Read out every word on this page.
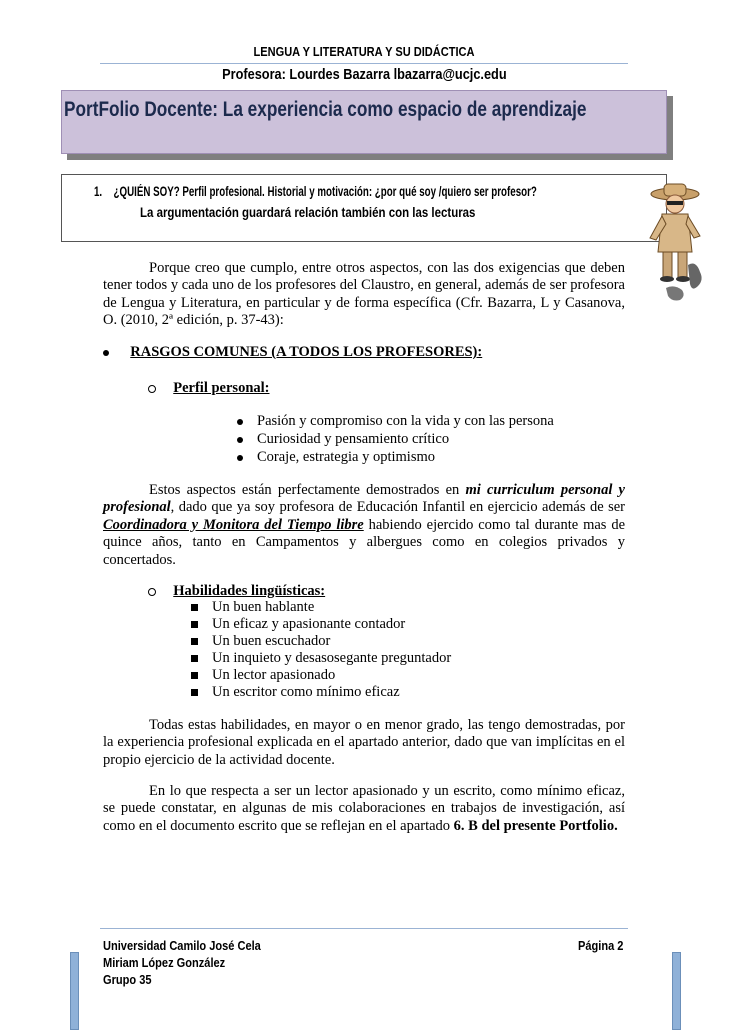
LENGUA Y LITERATURA Y SU DIDÁCTICA
Profesora: Lourdes Bazarra lbazarra@ucjc.edu
PortFolio Docente: La experiencia como espacio de aprendizaje
1. ¿QUIÉN SOY? Perfil profesional. Historial y motivación: ¿por qué soy /quiero ser profesor?
La argumentación guardará relación también con las lecturas
Porque creo que cumplo, entre otros aspectos, con las dos exigencias que deben tener todos y cada uno de los profesores del Claustro, en general, además de ser profesora de Lengua y Literatura, en particular y de forma específica (Cfr. Bazarra, L y Casanova, O. (2010, 2ª edición, p. 37-43):
RASGOS COMUNES (A TODOS LOS PROFESORES):
Perfil personal:
Pasión y compromiso con la vida y con las persona
Curiosidad y pensamiento crítico
Coraje, estrategia y optimismo
Estos aspectos están perfectamente demostrados en mi curriculum personal y profesional, dado que ya soy profesora de Educación Infantil en ejercicio además de ser Coordinadora y Monitora del Tiempo libre habiendo ejercido como tal durante mas de quince años, tanto en Campamentos y albergues como en colegios privados y concertados.
Habilidades lingüísticas:
Un buen hablante
Un eficaz y apasionante contador
Un buen escuchador
Un inquieto y desasosegante preguntador
Un lector apasionado
Un escritor como mínimo eficaz
Todas estas habilidades, en mayor o en menor grado, las tengo demostradas, por la experiencia profesional explicada en el apartado anterior, dado que van implícitas en el propio ejercicio de la actividad docente.
En lo que respecta a ser un lector apasionado y un escrito, como mínimo eficaz, se puede constatar, en algunas de mis colaboraciones en trabajos de investigación, así como en el documento escrito que se reflejan en el apartado 6. B del presente Portfolio.
Universidad Camilo José Cela	Página 2
Miriam López González
Grupo 35
